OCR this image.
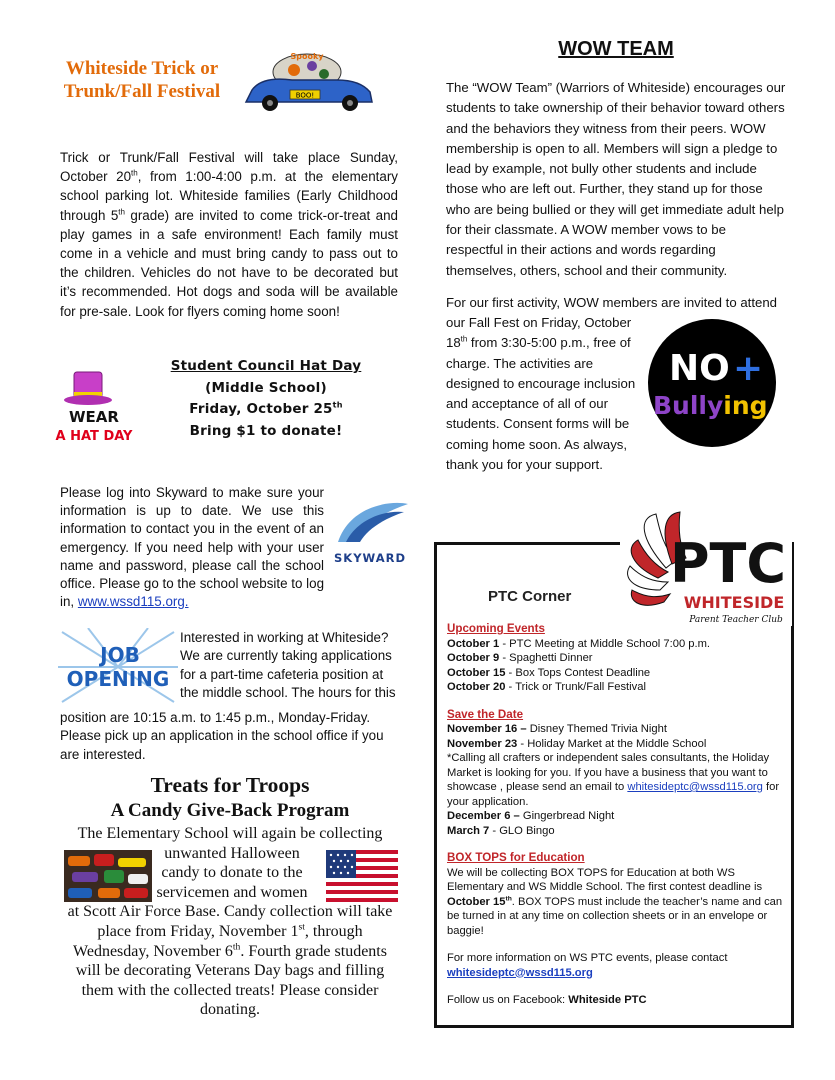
Whiteside Trick or Trunk/Fall Festival	BOO!
Spooky
Trick or Trunk/Fall Festival will take place Sunday, October 20th, from 1:00-4:00 p.m. at the elementary school parking lot. Whiteside families (Early Childhood through 5th grade) are invited to come trick-or-treat and play games in a safe environment! Each family must come in a vehicle and must bring candy to pass out to the children. Vehicles do not have to be decorated but it’s recommended. Hot dogs and soda will be available for pre-sale. Look for flyers coming home soon!
WEAR
A HAT DAY
Student Council Hat Day
(Middle School)
Friday, October 25th
Bring $1 to donate!
Please log into Skyward to make sure your information is up to date. We use this information to contact you in the event of an emergency. If you need help with your user name and password, please call the school office. Please go to the school website to log in, www.wssd115.org.
SKYWARD
JOB
OPENING
Interested in working at Whiteside? We are currently taking applications for a part-time cafeteria position at the middle school. The hours for this
position are 10:15 a.m. to 1:45 p.m., Monday-Friday. Please pick up an application in the school office if you are interested.
Treats for Troops
A Candy Give-Back Program
The Elementary School will again be collecting
unwanted Halloween
candy to donate to the
servicemen and women
at Scott Air Force Base. Candy collection will take place from Friday, November 1st, through Wednesday, November 6th. Fourth grade students will be decorating Veterans Day bags and filling them with the collected treats! Please consider donating.
WOW TEAM
The “WOW Team” (Warriors of Whiteside) encourages our students to take ownership of their behavior toward others and the behaviors they witness from their peers. WOW membership is open to all. Members will sign a pledge to lead by example, not bully other students and include those who are left out. Further, they stand up for those who are being bullied or they will get immediate adult help for their classmate. A WOW member vows to be respectful in their actions and words regarding themselves, others, school and their community.
For our first activity, WOW members are invited to attend
our Fall Fest on Friday, October 18th from 3:30-5:00 p.m., free of charge. The activities are designed to encourage inclusion and acceptance of all of our students. Consent forms will be coming home soon. As always, thank you for your support.
NO +
Bullying
PTC
WHITESIDE
Parent Teacher Club
PTC Corner
Upcoming Events
October 1 - PTC Meeting at Middle School 7:00 p.m.
October 9 - Spaghetti Dinner
October 15 - Box Tops Contest Deadline
October 20 - Trick or Trunk/Fall Festival
Save the Date
November 16 – Disney Themed Trivia Night
November 23 - Holiday Market at the Middle School
*Calling all crafters or independent sales consultants, the Holiday Market is looking for you. If you have a business that you want to showcase , please send an email to whitesideptc@wssd115.org for your application.
December 6 – Gingerbread Night
March 7 - GLO Bingo
BOX TOPS for Education
We will be collecting BOX TOPS for Education at both WS Elementary and WS Middle School. The first contest deadline is October 15th. BOX TOPS must include the teacher’s name and can be turned in at any time on collection sheets or in an envelope or baggie!
For more information on WS PTC events, please contact whitesideptc@wssd115.org
Follow us on Facebook: Whiteside PTC
